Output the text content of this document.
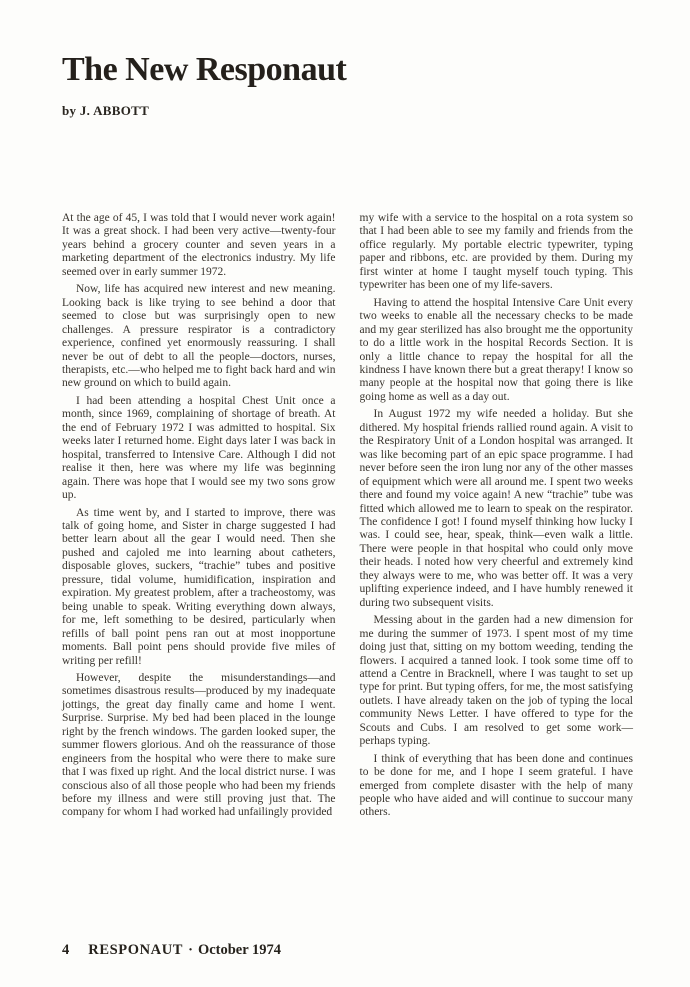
The New Responaut
by J. ABBOTT

At the age of 45, I was told that I would never work again! It was a great shock. I had been very active—twenty-four years behind a grocery counter and seven years in a marketing department of the electronics industry. My life seemed over in early summer 1972.

Now, life has acquired new interest and new meaning. Looking back is like trying to see behind a door that seemed to close but was surprisingly open to new challenges. A pressure respirator is a contradictory experience, confined yet enormously reassuring. I shall never be out of debt to all the people—doctors, nurses, therapists, etc.—who helped me to fight back hard and win new ground on which to build again.

I had been attending a hospital Chest Unit once a month, since 1969, complaining of shortage of breath. At the end of February 1972 I was admitted to hospital. Six weeks later I returned home. Eight days later I was back in hospital, transferred to Intensive Care. Although I did not realise it then, here was where my life was beginning again. There was hope that I would see my two sons grow up.

As time went by, and I started to improve, there was talk of going home, and Sister in charge suggested I had better learn about all the gear I would need. Then she pushed and cajoled me into learning about catheters, disposable gloves, suckers, “trachie” tubes and positive pressure, tidal volume, humidification, inspiration and expiration. My greatest problem, after a tracheostomy, was being unable to speak. Writing everything down always, for me, left something to be desired, particularly when refills of ball point pens ran out at most inopportune moments. Ball point pens should provide five miles of writing per refill!

However, despite the misunderstandings—and sometimes disastrous results—produced by my inadequate jottings, the great day finally came and home I went. Surprise. Surprise. My bed had been placed in the lounge right by the french windows. The garden looked super, the summer flowers glorious. And oh the reassurance of those engineers from the hospital who were there to make sure that I was fixed up right. And the local district nurse. I was conscious also of all those people who had been my friends before my illness and were still proving just that. The company for whom I had worked had unfailingly provided

my wife with a service to the hospital on a rota system so that I had been able to see my family and friends from the office regularly. My portable electric typewriter, typing paper and ribbons, etc. are provided by them. During my first winter at home I taught myself touch typing. This typewriter has been one of my life-savers.

Having to attend the hospital Intensive Care Unit every two weeks to enable all the necessary checks to be made and my gear sterilized has also brought me the opportunity to do a little work in the hospital Records Section. It is only a little chance to repay the hospital for all the kindness I have known there but a great therapy! I know so many people at the hospital now that going there is like going home as well as a day out.

In August 1972 my wife needed a holiday. But she dithered. My hospital friends rallied round again. A visit to the Respiratory Unit of a London hospital was arranged. It was like becoming part of an epic space programme. I had never before seen the iron lung nor any of the other masses of equipment which were all around me. I spent two weeks there and found my voice again! A new “trachie” tube was fitted which allowed me to learn to speak on the respirator. The confidence I got! I found myself thinking how lucky I was. I could see, hear, speak, think—even walk a little. There were people in that hospital who could only move their heads. I noted how very cheerful and extremely kind they always were to me, who was better off. It was a very uplifting experience indeed, and I have humbly renewed it during two subsequent visits.

Messing about in the garden had a new dimension for me during the summer of 1973. I spent most of my time doing just that, sitting on my bottom weeding, tending the flowers. I acquired a tanned look. I took some time off to attend a Centre in Bracknell, where I was taught to set up type for print. But typing offers, for me, the most satisfying outlets. I have already taken on the job of typing the local community News Letter. I have offered to type for the Scouts and Cubs. I am resolved to get some work—perhaps typing.

I think of everything that has been done and continues to be done for me, and I hope I seem grateful. I have emerged from complete disaster with the help of many people who have aided and will continue to succour many others.

4 RESPONAUT · October 1974
